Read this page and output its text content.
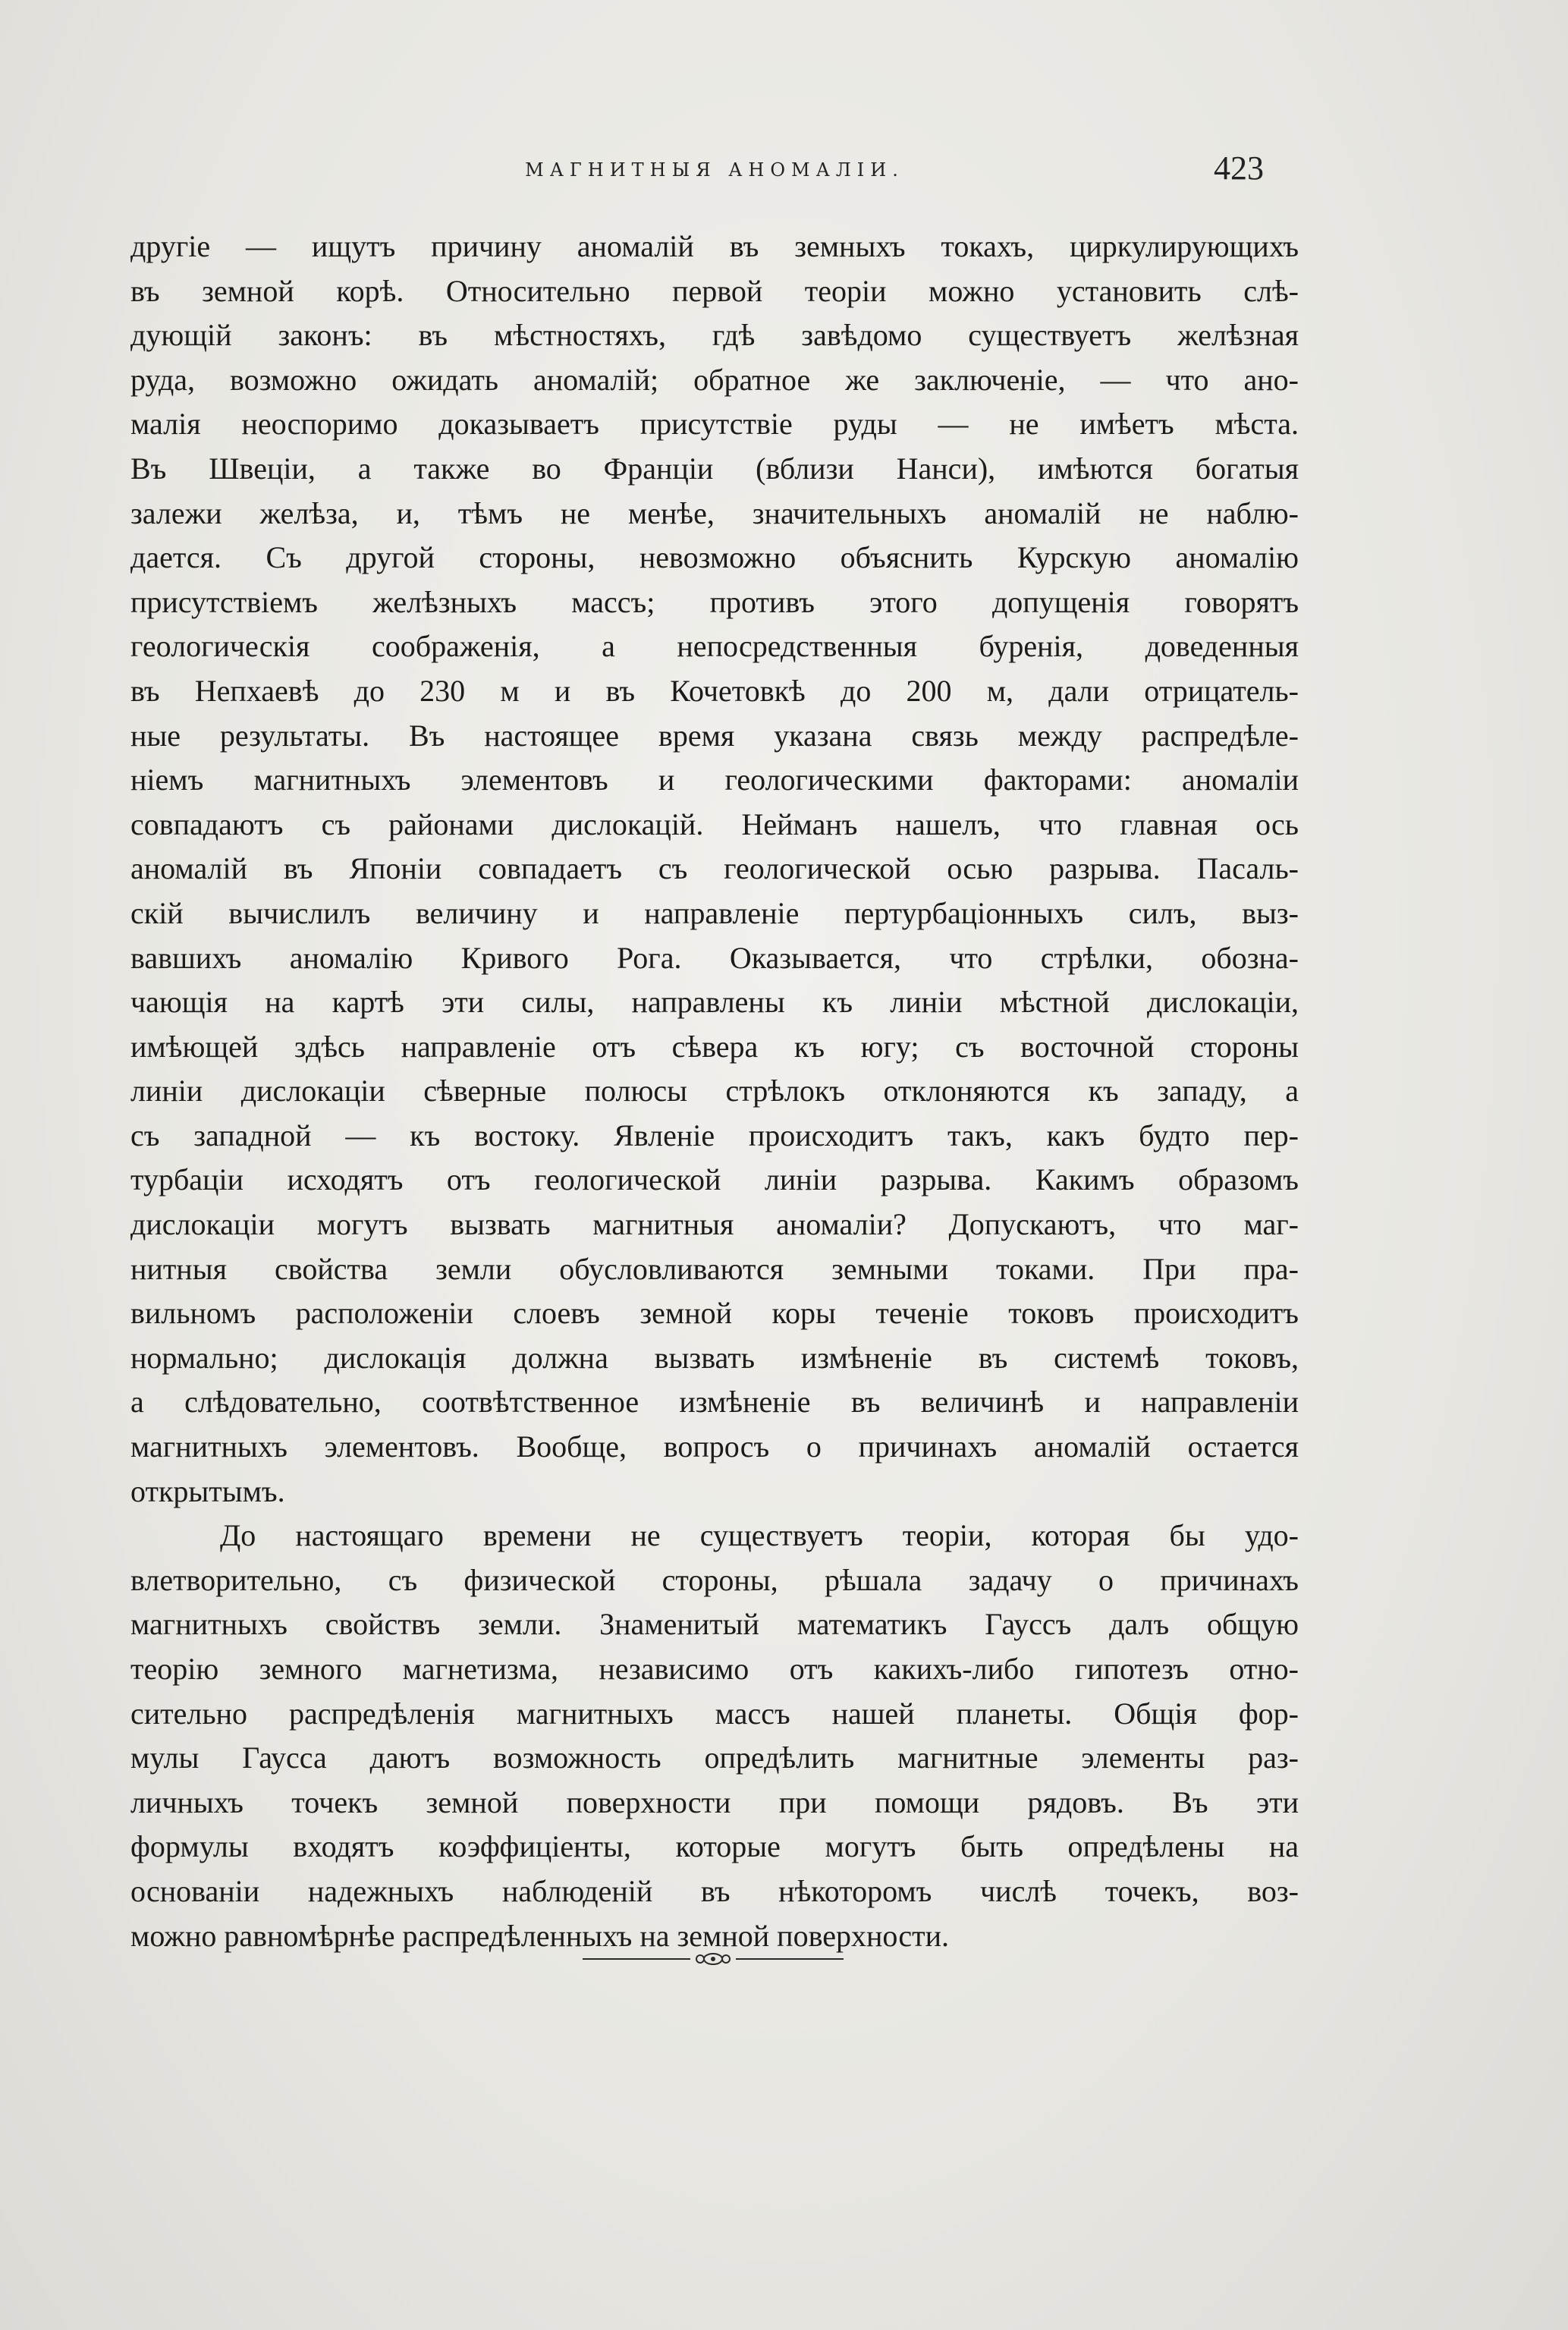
МАГНИТНЫЯ АНОМАЛІИ.	423
другіе — ищутъ причину аномалій въ земныхъ токахъ, циркулирующихъ
въ земной корѣ. Относительно первой теоріи можно установить слѣ-
дующій законъ: въ мѣстностяхъ, гдѣ завѣдомо существуетъ желѣзная
руда, возможно ожидать аномалій; обратное же заключеніе, — что ано-
малія неоспоримо доказываетъ присутствіе руды — не имѣетъ мѣста.
Въ Швеціи, а также во Франціи (вблизи Нанси), имѣются богатыя
залежи желѣза, и, тѣмъ не менѣе, значительныхъ аномалій не наблю-
дается. Съ другой стороны, невозможно объяснить Курскую аномалію
присутствіемъ желѣзныхъ массъ; противъ этого допущенія говорятъ
геологическія соображенія, а непосредственныя буренія, доведенныя
въ Непхаевѣ до 230 м и въ Кочетовкѣ до 200 м, дали отрицатель-
ные результаты. Въ настоящее время указана связь между распредѣле-
ніемъ магнитныхъ элементовъ и геологическими факторами: аномаліи
совпадаютъ съ районами дислокацій. Нейманъ нашелъ, что главная ось
аномалій въ Японіи совпадаетъ съ геологической осью разрыва. Пасаль-
скій вычислилъ величину и направленіе пертурбаціонныхъ силъ, выз-
вавшихъ аномалію Кривого Рога. Оказывается, что стрѣлки, обозна-
чающія на картѣ эти силы, направлены къ линіи мѣстной дислокаціи,
имѣющей здѣсь направленіе отъ сѣвера къ югу; съ восточной стороны
линіи дислокаціи сѣверные полюсы стрѣлокъ отклоняются къ западу, а
съ западной — къ востоку. Явленіе происходитъ такъ, какъ будто пер-
турбаціи исходятъ отъ геологической линіи разрыва. Какимъ образомъ
дислокаціи могутъ вызвать магнитныя аномаліи? Допускаютъ, что маг-
нитныя свойства земли обусловливаются земными токами. При пра-
вильномъ расположеніи слоевъ земной коры теченіе токовъ происходитъ
нормально; дислокація должна вызвать измѣненіе въ системѣ токовъ,
а слѣдовательно, соотвѣтственное измѣненіе въ величинѣ и направленіи
магнитныхъ элементовъ. Вообще, вопросъ о причинахъ аномалій остается
открытымъ.
До настоящаго времени не существуетъ теоріи, которая бы удо-
влетворительно, съ физической стороны, рѣшала задачу о причинахъ
магнитныхъ свойствъ земли. Знаменитый математикъ Гауссъ далъ общую
теорію земного магнетизма, независимо отъ какихъ-либо гипотезъ отно-
сительно распредѣленія магнитныхъ массъ нашей планеты. Общія фор-
мулы Гаусса даютъ возможность опредѣлить магнитные элементы раз-
личныхъ точекъ земной поверхности при помощи рядовъ. Въ эти
формулы входятъ коэффиціенты, которые могутъ быть опредѣлены на
основаніи надежныхъ наблюденій въ нѣкоторомъ числѣ точекъ, воз-
можно равномѣрнѣе распредѣленныхъ на земной поверхности.
